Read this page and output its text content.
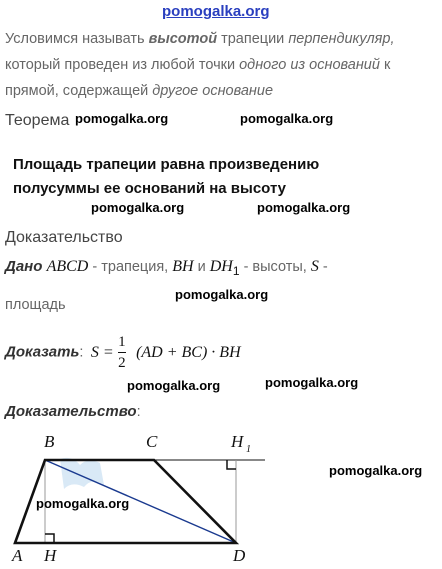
pomogalka.org
Условимся называть высотой трапеции перпендикуляр,
который проведен из любой точки одного из оснований к
прямой, содержащей другое основание
Теорема pomogalka.org	pomogalka.org
Площадь трапеции равна произведению
полусуммы ее оснований на высоту
pomogalka.org	pomogalka.org
Доказательство
Дано ABCD - трапеция, BH и $DH_1$ - высоты, S -
pomogalka.org
площадь
Доказать: $S = \frac{1}{2} (AD + BC)$ · BH
pomogalka.org	pomogalka.org
Доказательство:
B	C	H 1
A H	D
pomogalka.org
pomogalka.org
